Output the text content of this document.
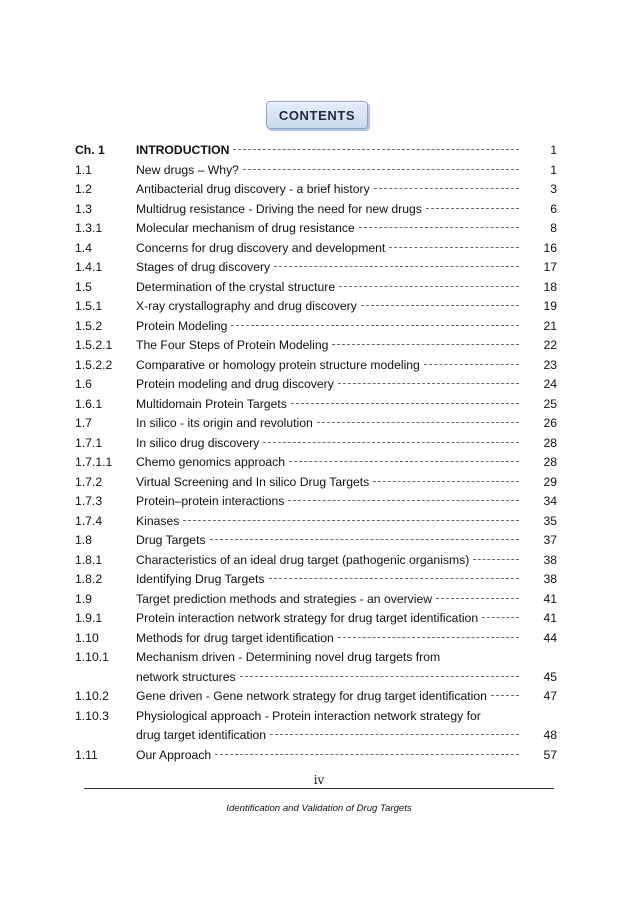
CONTENTS
Ch. 1	INTRODUCTION	1
1.1	New drugs – Why?	1
1.2	Antibacterial drug discovery - a brief history	3
1.3	Multidrug resistance - Driving the need for new drugs	6
1.3.1	Molecular mechanism of drug resistance	8
1.4	Concerns for drug discovery and development	16
1.4.1	Stages of drug discovery	17
1.5	Determination of the crystal structure	18
1.5.1	X-ray crystallography and drug discovery	19
1.5.2	Protein Modeling	21
1.5.2.1 The Four Steps of Protein Modeling	22
1.5.2.2 Comparative or homology protein structure modeling	23
1.6	Protein modeling and drug discovery	24
1.6.1	Multidomain Protein Targets	25
1.7	In silico - its origin and revolution	26
1.7.1	In silico drug discovery	28
1.7.1.1 Chemo genomics approach	28
1.7.2	Virtual Screening and In silico Drug Targets	29
1.7.3	Protein–protein interactions	34
1.7.4	Kinases	35
1.8	Drug Targets	37
1.8.1	Characteristics of an ideal drug target (pathogenic organisms)	38
1.8.2	Identifying Drug Targets	38
1.9	Target prediction methods and strategies - an overview	41
1.9.1	Protein interaction network strategy for drug target identification	41
1.10	Methods for drug target identification	44
1.10.1 Mechanism driven - Determining novel drug targets from
network structures	45
1.10.2 Gene driven - Gene network strategy for drug target identification	47
1.10.3 Physiological approach - Protein interaction network strategy for
drug target identification	48
1.11	Our Approach	57
iv
Identification and Validation of Drug Targets
